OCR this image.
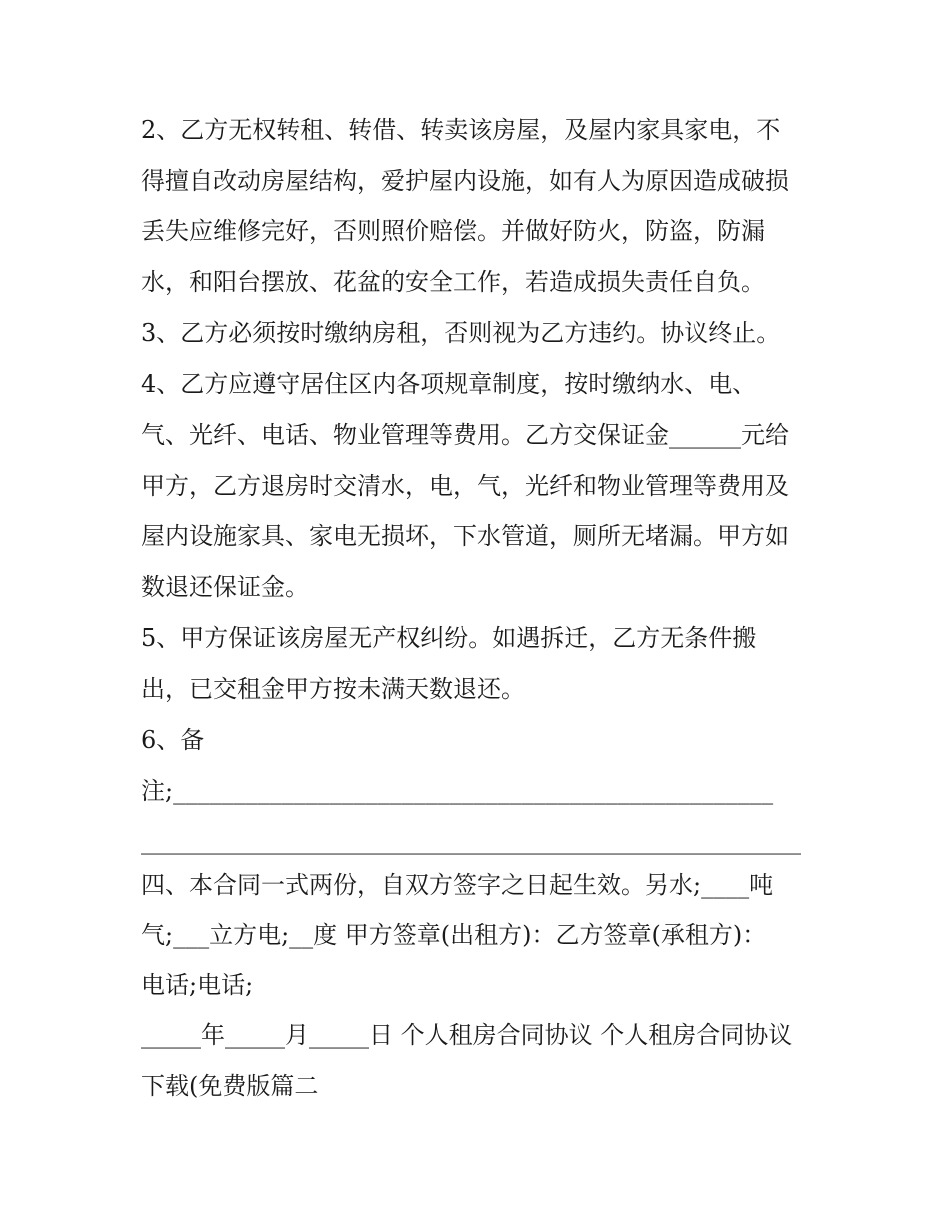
2、乙方无权转租、转借、转卖该房屋，及屋内家具家电，不

得擅自改动房屋结构，爱护屋内设施，如有人为原因造成破损

丢失应维修完好，否则照价赔偿。并做好防火，防盗，防漏

水，和阳台摆放、花盆的安全工作，若造成损失责任自负。

3、乙方必须按时缴纳房租，否则视为乙方违约。协议终止。

4、乙方应遵守居住区内各项规章制度，按时缴纳水、电、

气、光纤、电话、物业管理等费用。乙方交保证金______元给

甲方，乙方退房时交清水，电，气，光纤和物业管理等费用及

屋内设施家具、家电无损坏，下水管道，厕所无堵漏。甲方如

数退还保证金。

5、甲方保证该房屋无产权纠纷。如遇拆迁，乙方无条件搬

出，已交租金甲方按未满天数退还。

6、备

注;__________________________________________________

_______________________________________________________

四、本合同一式两份，自双方签字之日起生效。另水;____吨

气;___立方电;__度 甲方签章(出租方)：乙方签章(承租方)：

电话;电话;

_____年_____月_____日 个人租房合同协议 个人租房合同协议

下载(免费版篇二
